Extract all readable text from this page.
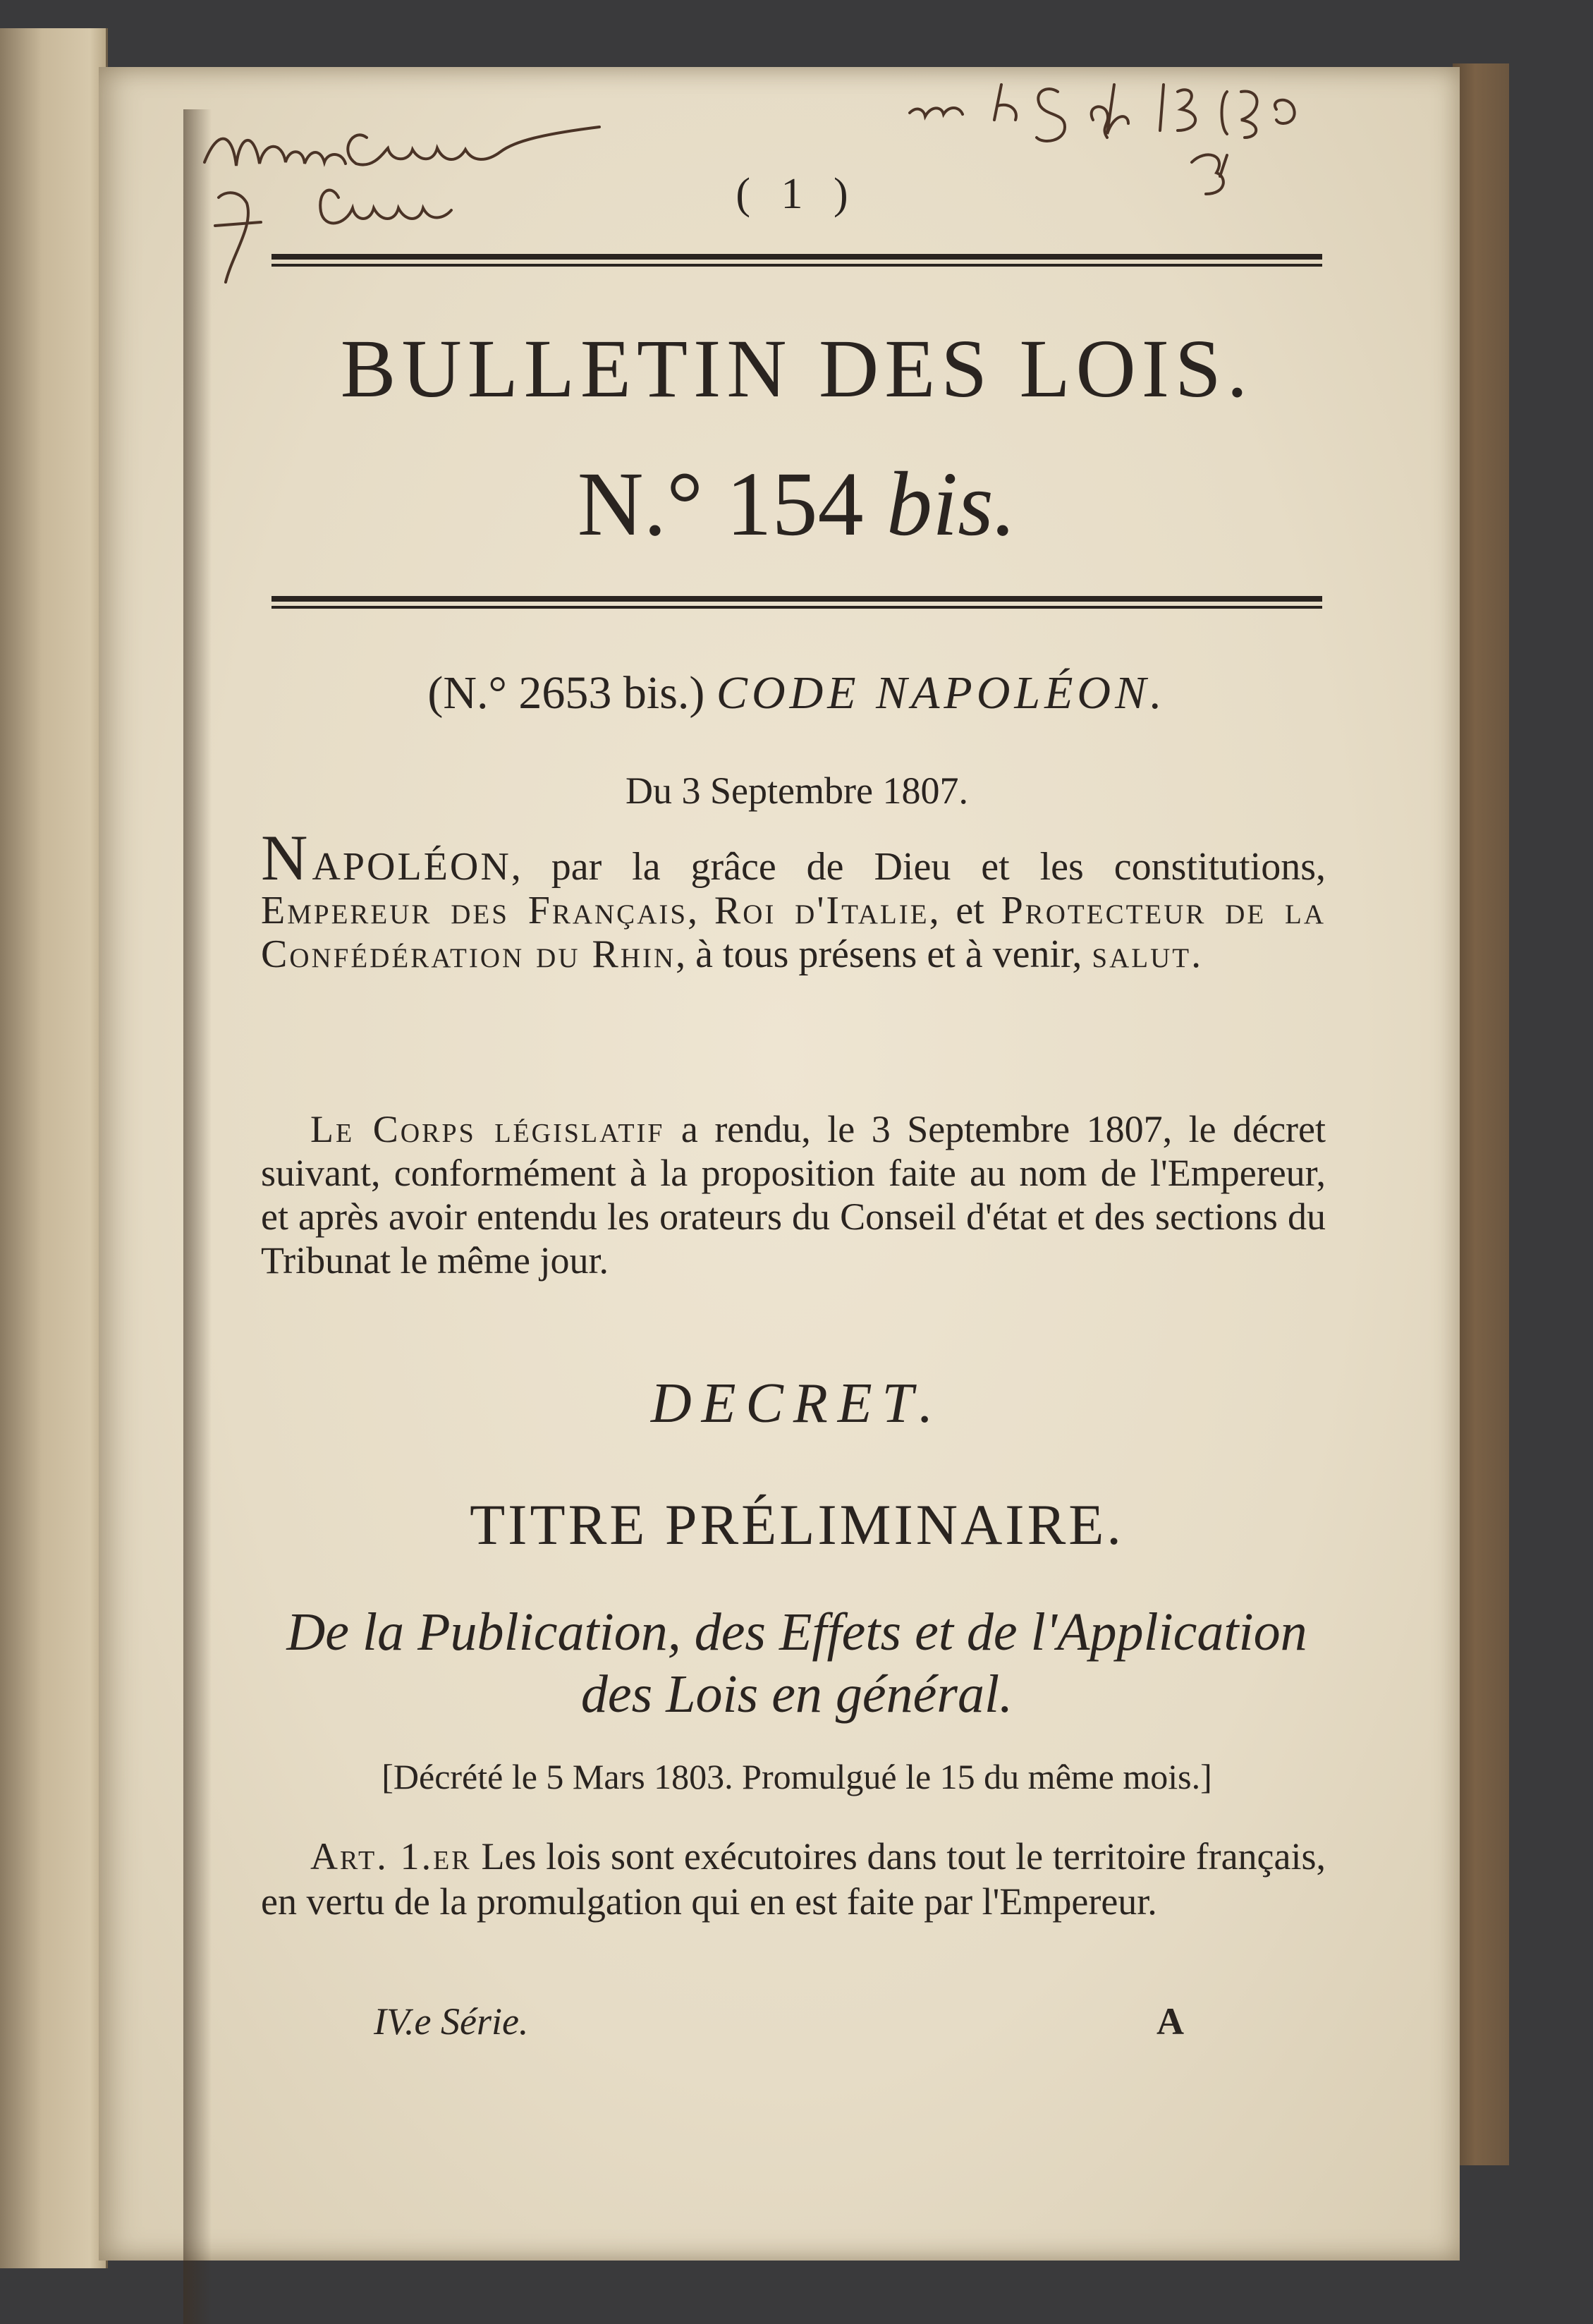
( 1 )
BULLETIN DES LOIS.
N.° 154 bis.
(N.° 2653 bis.) CODE NAPOLÉON.
Du 3 Septembre 1807.
NAPOLÉON, par la grâce de Dieu et les constitutions, Empereur des Français, Roi d'Italie, et Protecteur de la Confédération du Rhin, à tous présens et à venir, salut.
Le Corps législatif a rendu, le 3 Septembre 1807, le décret suivant, conformément à la proposition faite au nom de l'Empereur, et après avoir entendu les orateurs du Conseil d'état et des sections du Tribunat le même jour.
DECRET.
TITRE PRÉLIMINAIRE.
De la Publication, des Effets et de l'Application
des Lois en général.
[Décrété le 5 Mars 1803. Promulgué le 15 du même mois.]
Art. 1.er Les lois sont exécutoires dans tout le territoire français, en vertu de la promulgation qui en est faite par l'Empereur.
IV.e Série.	A
